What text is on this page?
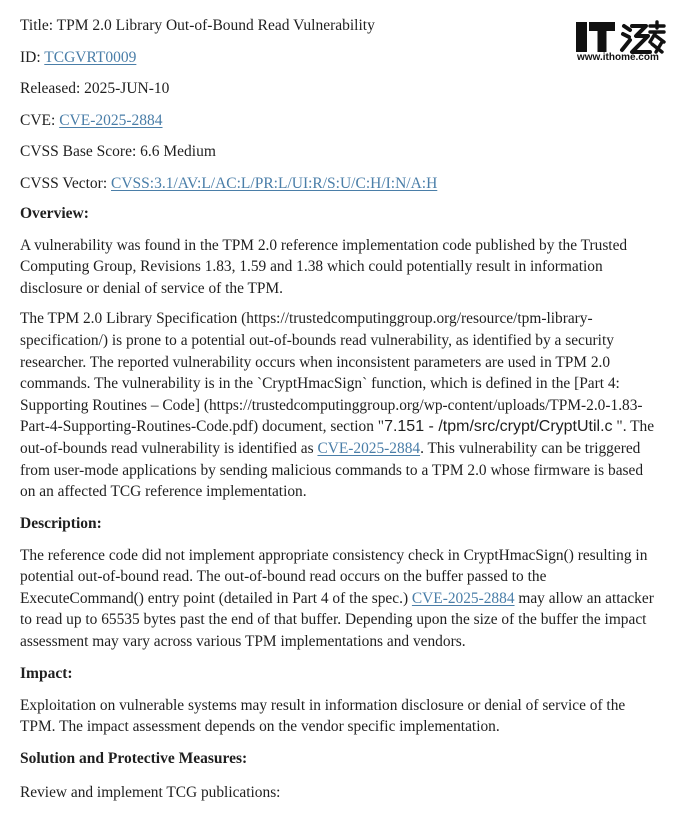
www.ithome.com
Title: TPM 2.0 Library Out-of-Bound Read Vulnerability
ID: TCGVRT0009
Released: 2025-JUN-10
CVE: CVE-2025-2884
CVSS Base Score: 6.6 Medium
CVSS Vector: CVSS:3.1/AV:L/AC:L/PR:L/UI:R/S:U/C:H/I:N/A:H
Overview:

A vulnerability was found in the TPM 2.0 reference implementation code published by the Trusted Computing Group, Revisions 1.83, 1.59 and 1.38 which could potentially result in information disclosure or denial of service of the TPM.

The TPM 2.0 Library Specification (https://trustedcomputinggroup.org/resource/tpm-library-specification/) is prone to a potential out-of-bounds read vulnerability, as identified by a security researcher. The reported vulnerability occurs when inconsistent parameters are used in TPM 2.0 commands. The vulnerability is in the `CryptHmacSign` function, which is defined in the [Part 4: Supporting Routines – Code] (https://trustedcomputinggroup.org/wp-content/uploads/TPM-2.0-1.83-Part-4-Supporting-Routines-Code.pdf) document, section "7.151 - /tpm/src/crypt/CryptUtil.c ". The out-of-bounds read vulnerability is identified as CVE-2025-2884. This vulnerability can be triggered from user-mode applications by sending malicious commands to a TPM 2.0 whose firmware is based on an affected TCG reference implementation.

Description:

The reference code did not implement appropriate consistency check in CryptHmacSign() resulting in potential out-of-bound read. The out-of-bound read occurs on the buffer passed to the ExecuteCommand() entry point (detailed in Part 4 of the spec.) CVE-2025-2884 may allow an attacker to read up to 65535 bytes past the end of that buffer. Depending upon the size of the buffer the impact assessment may vary across various TPM implementations and vendors.

Impact:

Exploitation on vulnerable systems may result in information disclosure or denial of service of the TPM. The impact assessment depends on the vendor specific implementation.

Solution and Protective Measures:

Review and implement TCG publications:
